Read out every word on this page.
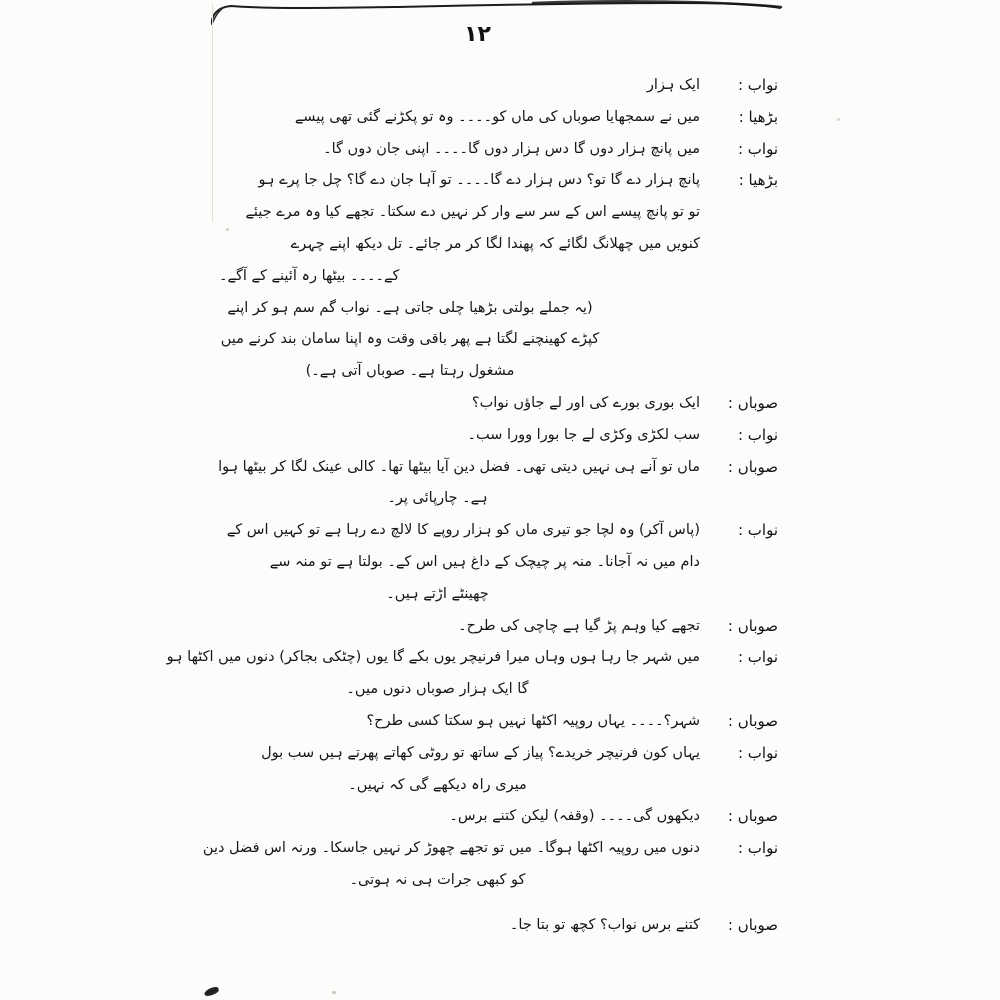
۱۲
نواب :
ایک ہزار
بڑھیا :
میں نے سمجھایا صوباں کی ماں کو۔۔۔۔ وہ تو پکڑنے گئی تھی پیسے
نواب :
میں پانچ ہزار دوں گا دس ہزار دوں گا۔۔۔۔ اپنی جان دوں گا۔
بڑھیا :
پانچ ہزار دے گا تو؟ دس ہزار دے گا۔۔۔۔ تو آہا جان دے گا؟ چل جا پرے ہو
تو تو پانچ پیسے اس کے سر سے وار کر نہیں دے سکتا۔ تجھے کیا وہ مرے جیئے
کنویں میں چھلانگ لگائے کہ پھندا لگا کر مر جائے۔ تل دیکھ اپنے چہرے
کے۔۔۔۔ بیٹھا رہ آئینے کے آگے۔
(یہ جملے بولتی بڑھیا چلی جاتی ہے۔ نواب گم سم ہو کر اپنے
کپڑے کھینچنے لگتا ہے پھر باقی وقت وہ اپنا سامان بند کرنے میں
مشغول رہتا ہے۔ صوباں آتی ہے۔)
صوباں :
ایک بوری بورے کی اور لے جاؤں نواب؟
نواب :
سب لکڑی وکڑی لے جا بورا وورا سب۔
صوباں :
ماں تو آنے ہی نہیں دیتی تھی۔ فضل دین آیا بیٹھا تھا۔ کالی عینک لگا کر بیٹھا ہوا
ہے۔ چارپائی پر۔
نواب :
(پاس آکر) وہ لچا جو تیری ماں کو ہزار روپے کا لالچ دے رہا ہے تو کہیں اس کے
دام میں نہ آجانا۔ منہ پر چیچک کے داغ ہیں اس کے۔ بولتا ہے تو منہ سے
چھینٹے اڑتے ہیں۔
صوباں :
تجھے کیا وہم پڑ گیا ہے چاچی کی طرح۔
نواب :
میں شہر جا رہا ہوں وہاں میرا فرنیچر یوں بکے گا یوں (چٹکی بجاکر) دنوں میں اکٹھا ہو
گا ایک ہزار صوباں دنوں میں۔
صوباں :
شہر؟۔۔۔۔ یہاں روپیہ اکٹھا نہیں ہو سکتا کسی طرح؟
نواب :
یہاں کون فرنیچر خریدے؟ پیاز کے ساتھ تو روٹی کھاتے پھرتے ہیں سب بول
میری راہ دیکھے گی کہ نہیں۔
صوباں :
دیکھوں گی۔۔۔۔ (وقفہ) لیکن کتنے برس۔
نواب :
دنوں میں روپیہ اکٹھا ہوگا۔ میں تو تجھے چھوڑ کر نہیں جاسکا۔ ورنہ اس فضل دین
کو کبھی جرات ہی نہ ہوتی۔
صوباں :
کتنے برس نواب؟ کچھ تو بتا جا۔
